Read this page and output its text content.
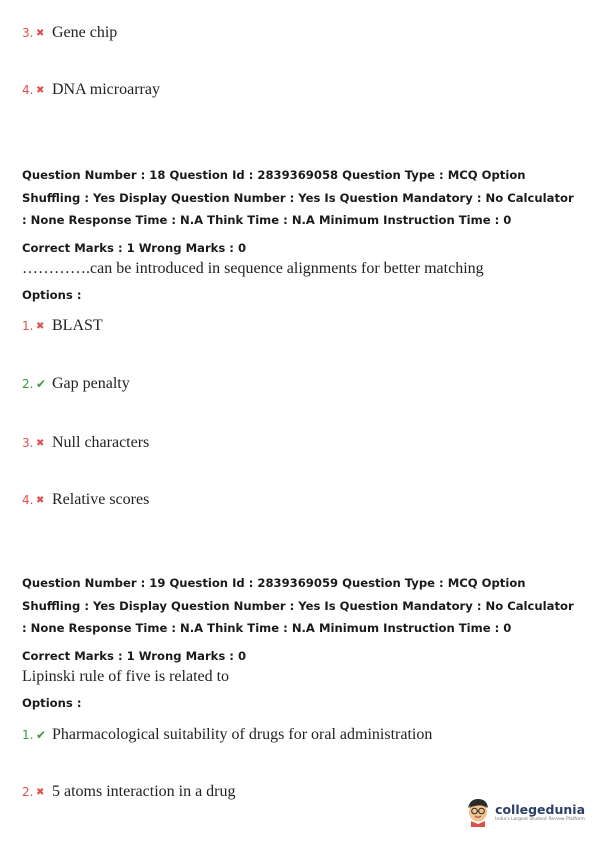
3. ✖ Gene chip
4. ✖ DNA microarray
Question Number : 18 Question Id : 2839369058 Question Type : MCQ Option Shuffling : Yes Display Question Number : Yes Is Question Mandatory : No Calculator : None Response Time : N.A Think Time : N.A Minimum Instruction Time : 0
Correct Marks : 1 Wrong Marks : 0
………….can be introduced in sequence alignments for better matching
Options :
1. ✖ BLAST
2. ✔ Gap penalty
3. ✖ Null characters
4. ✖ Relative scores
Question Number : 19 Question Id : 2839369059 Question Type : MCQ Option Shuffling : Yes Display Question Number : Yes Is Question Mandatory : No Calculator : None Response Time : N.A Think Time : N.A Minimum Instruction Time : 0
Correct Marks : 1 Wrong Marks : 0
Lipinski rule of five is related to
Options :
1. ✔ Pharmacological suitability of drugs for oral administration
2. ✖ 5 atoms interaction in a drug
collegedunia
India's Largest Student Review Platform
